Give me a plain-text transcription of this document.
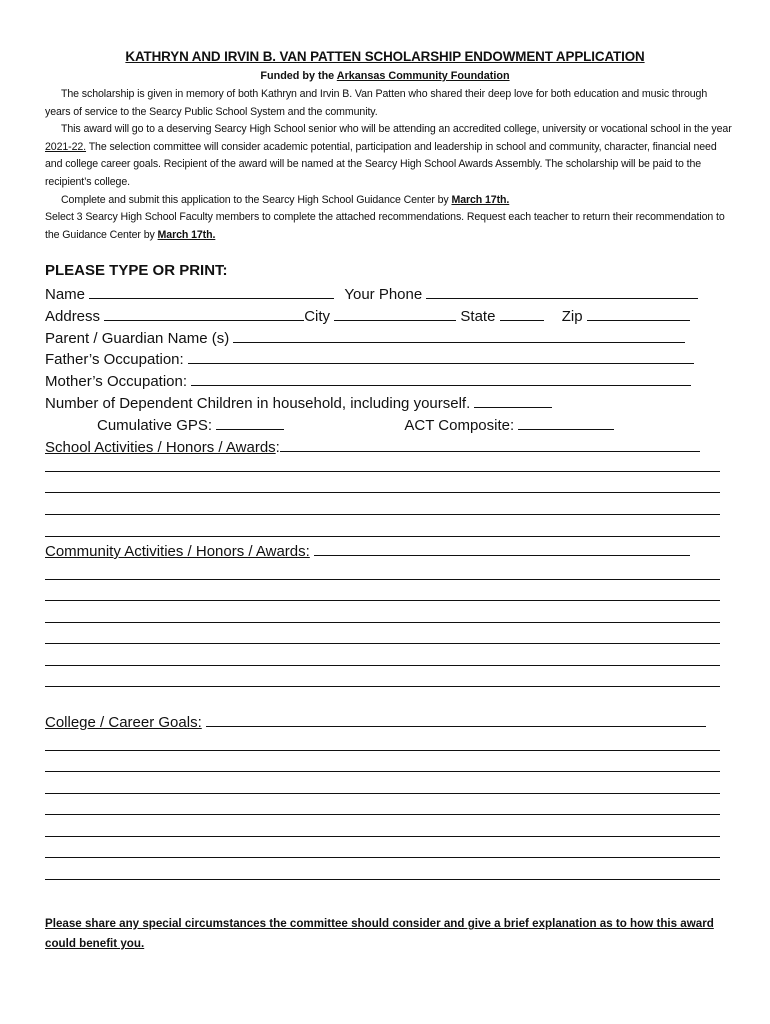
KATHRYN AND IRVIN B. VAN PATTEN SCHOLARSHIP ENDOWMENT APPLICATION
Funded by the Arkansas Community Foundation

The scholarship is given in memory of both Kathryn and Irvin B. Van Patten who shared their deep love for both education and music through years of service to the Searcy Public School System and the community.

This award will go to a deserving Searcy High School senior who will be attending an accredited college, university or vocational school in the year 2021-22. The selection committee will consider academic potential, participation and leadership in school and community, character, financial need and college career goals. Recipient of the award will be named at the Searcy High School Awards Assembly. The scholarship will be paid to the recipient’s college.

Complete and submit this application to the Searcy High School Guidance Center by March 17th.

Select 3 Searcy High School Faculty members to complete the attached recommendations. Request each teacher to return their recommendation to the Guidance Center by March 17th.

PLEASE TYPE OR PRINT:
Name	Your Phone
Address	City	State	Zip
Parent / Guardian Name (s)
Father’s Occupation:
Mother’s Occupation:
Number of Dependent Children in household, including yourself.
Cumulative GPS:	ACT Composite:
School Activities / Honors / Awards:
Community Activities / Honors / Awards:
College / Career Goals:
Please share any special circumstances the committee should consider and give a brief explanation as to how this award could benefit you.
